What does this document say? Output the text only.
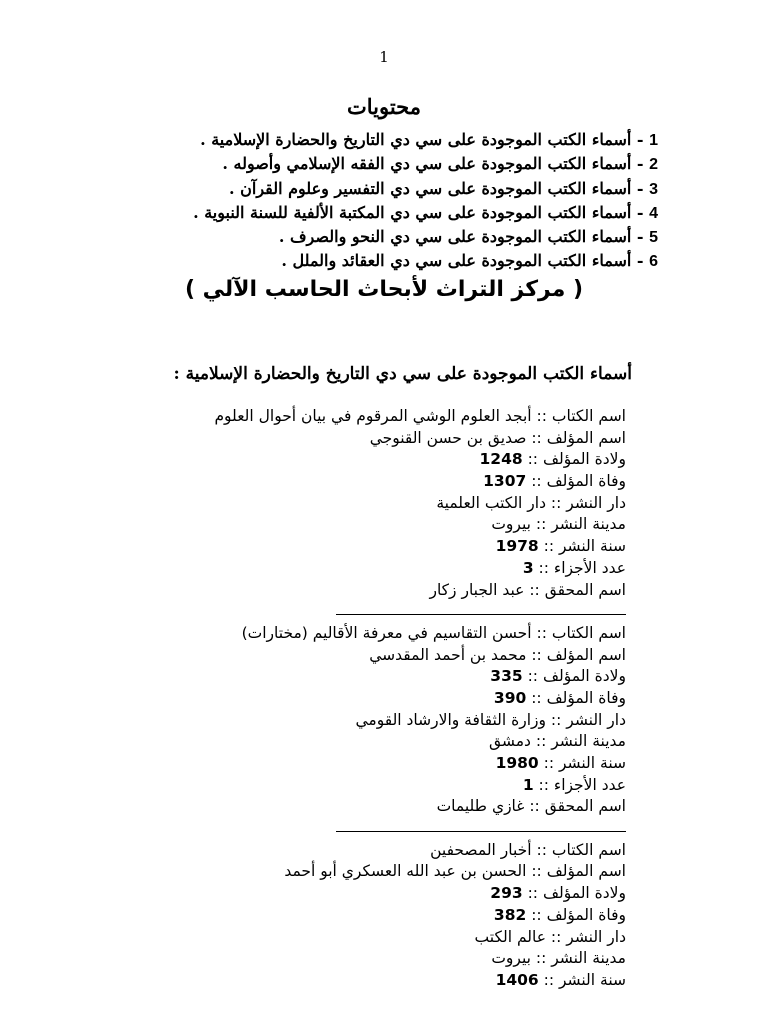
1
محتويات
1 - أسماء الكتب الموجودة على سي دي التاريخ والحضارة الإسلامية .
2 - أسماء الكتب الموجودة على سي دي الفقه الإسلامي وأصوله .
3 - أسماء الكتب الموجودة على سي دي التفسير وعلوم القرآن .
4 - أسماء الكتب الموجودة على سي دي المكتبة الألفية للسنة النبوية .
5 - أسماء الكتب الموجودة على سي دي النحو والصرف .
6 - أسماء الكتب الموجودة على سي دي العقائد والملل .
( مركز التراث لأبحاث الحاسب الآلي )
أسماء الكتب الموجودة على سي دي التاريخ والحضارة الإسلامية :
اسم الكتاب :: أبجد العلوم الوشي المرقوم في بيان أحوال العلوم
اسم المؤلف :: صديق بن حسن القنوجي
ولادة المؤلف :: 1248
وفاة المؤلف :: 1307
دار النشر :: دار الكتب العلمية
مدينة النشر :: بيروت
سنة النشر :: 1978
عدد الأجزاء :: 3
اسم المحقق :: عبد الجبار زكار
اسم الكتاب :: أحسن التقاسيم في معرفة الأقاليم (مختارات)
اسم المؤلف :: محمد بن أحمد المقدسي
ولادة المؤلف :: 335
وفاة المؤلف :: 390
دار النشر :: وزارة الثقافة والارشاد القومي
مدينة النشر :: دمشق
سنة النشر :: 1980
عدد الأجزاء :: 1
اسم المحقق :: غازي طليمات
اسم الكتاب :: أخبار المصحفين
اسم المؤلف :: الحسن بن عبد الله العسكري أبو أحمد
ولادة المؤلف :: 293
وفاة المؤلف :: 382
دار النشر :: عالم الكتب
مدينة النشر :: بيروت
سنة النشر :: 1406
